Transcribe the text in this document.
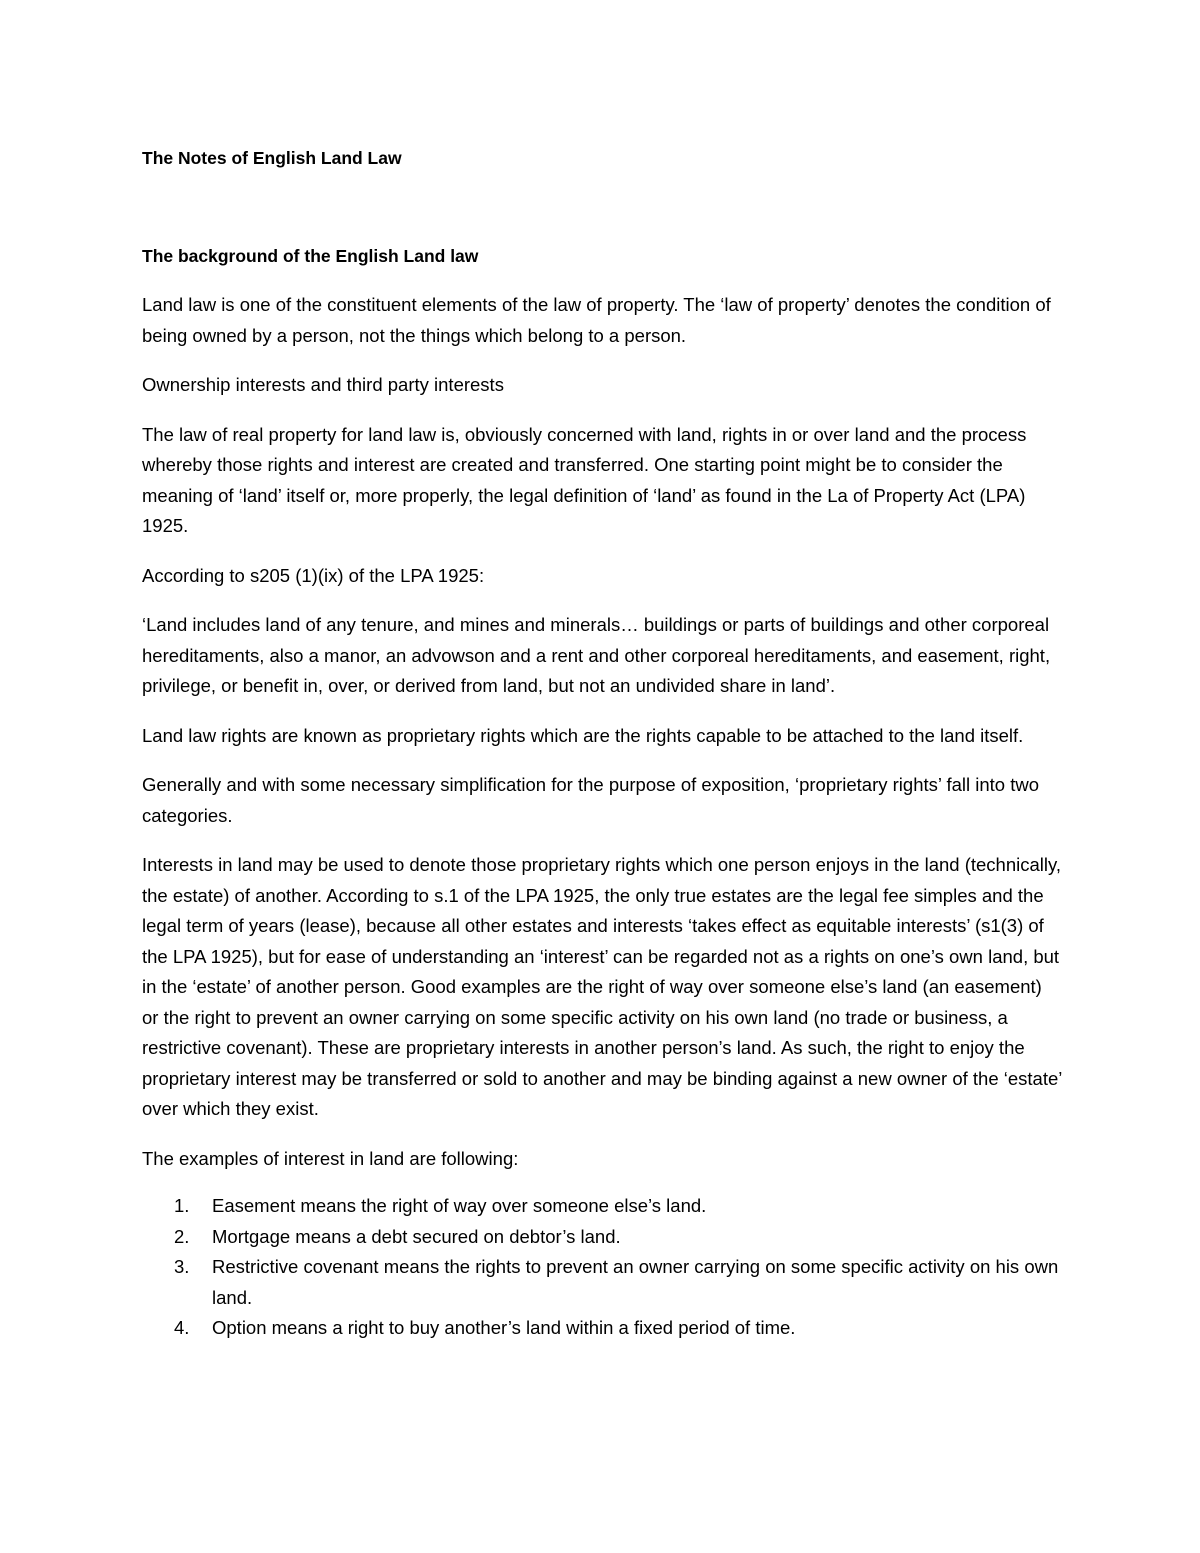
The Notes of English Land Law
The background of the English Land law

Land law is one of the constituent elements of the law of property. The ‘law of property’ denotes the condition of being owned by a person, not the things which belong to a person.

Ownership interests and third party interests

The law of real property for land law is, obviously concerned with land, rights in or over land and the process whereby those rights and interest are created and transferred. One starting point might be to consider the meaning of ‘land’ itself or, more properly, the legal definition of ‘land’ as found in the La of Property Act (LPA) 1925.

According to s205 (1)(ix) of the LPA 1925:

‘Land includes land of any tenure, and mines and minerals… buildings or parts of buildings and other corporeal hereditaments, also a manor, an advowson and a rent and other corporeal hereditaments, and easement, right, privilege, or benefit in, over, or derived from land, but not an undivided share in land’.

Land law rights are known as proprietary rights which are the rights capable to be attached to the land itself.

Generally and with some necessary simplification for the purpose of exposition, ‘proprietary rights’ fall into two categories.

Interests in land may be used to denote those proprietary rights which one person enjoys in the land (technically, the estate) of another. According to s.1 of the LPA 1925, the only true estates are the legal fee simples and the legal term of years (lease), because all other estates and interests ‘takes effect as equitable interests’ (s1(3) of the LPA 1925), but for ease of understanding an ‘interest’ can be regarded not as a rights on one’s own land, but in the ‘estate’ of another person. Good examples are the right of way over someone else’s land (an easement) or the right to prevent an owner carrying on some specific activity on his own land (no trade or business, a restrictive covenant). These are proprietary interests in another person’s land. As such, the right to enjoy the proprietary interest may be transferred or sold to another and may be binding against a new owner of the ‘estate’ over which they exist.

The examples of interest in land are following:

1. Easement means the right of way over someone else’s land.
2. Mortgage means a debt secured on debtor’s land.
3. Restrictive covenant means the rights to prevent an owner carrying on some specific activity on his own land.
4. Option means a right to buy another’s land within a fixed period of time.
